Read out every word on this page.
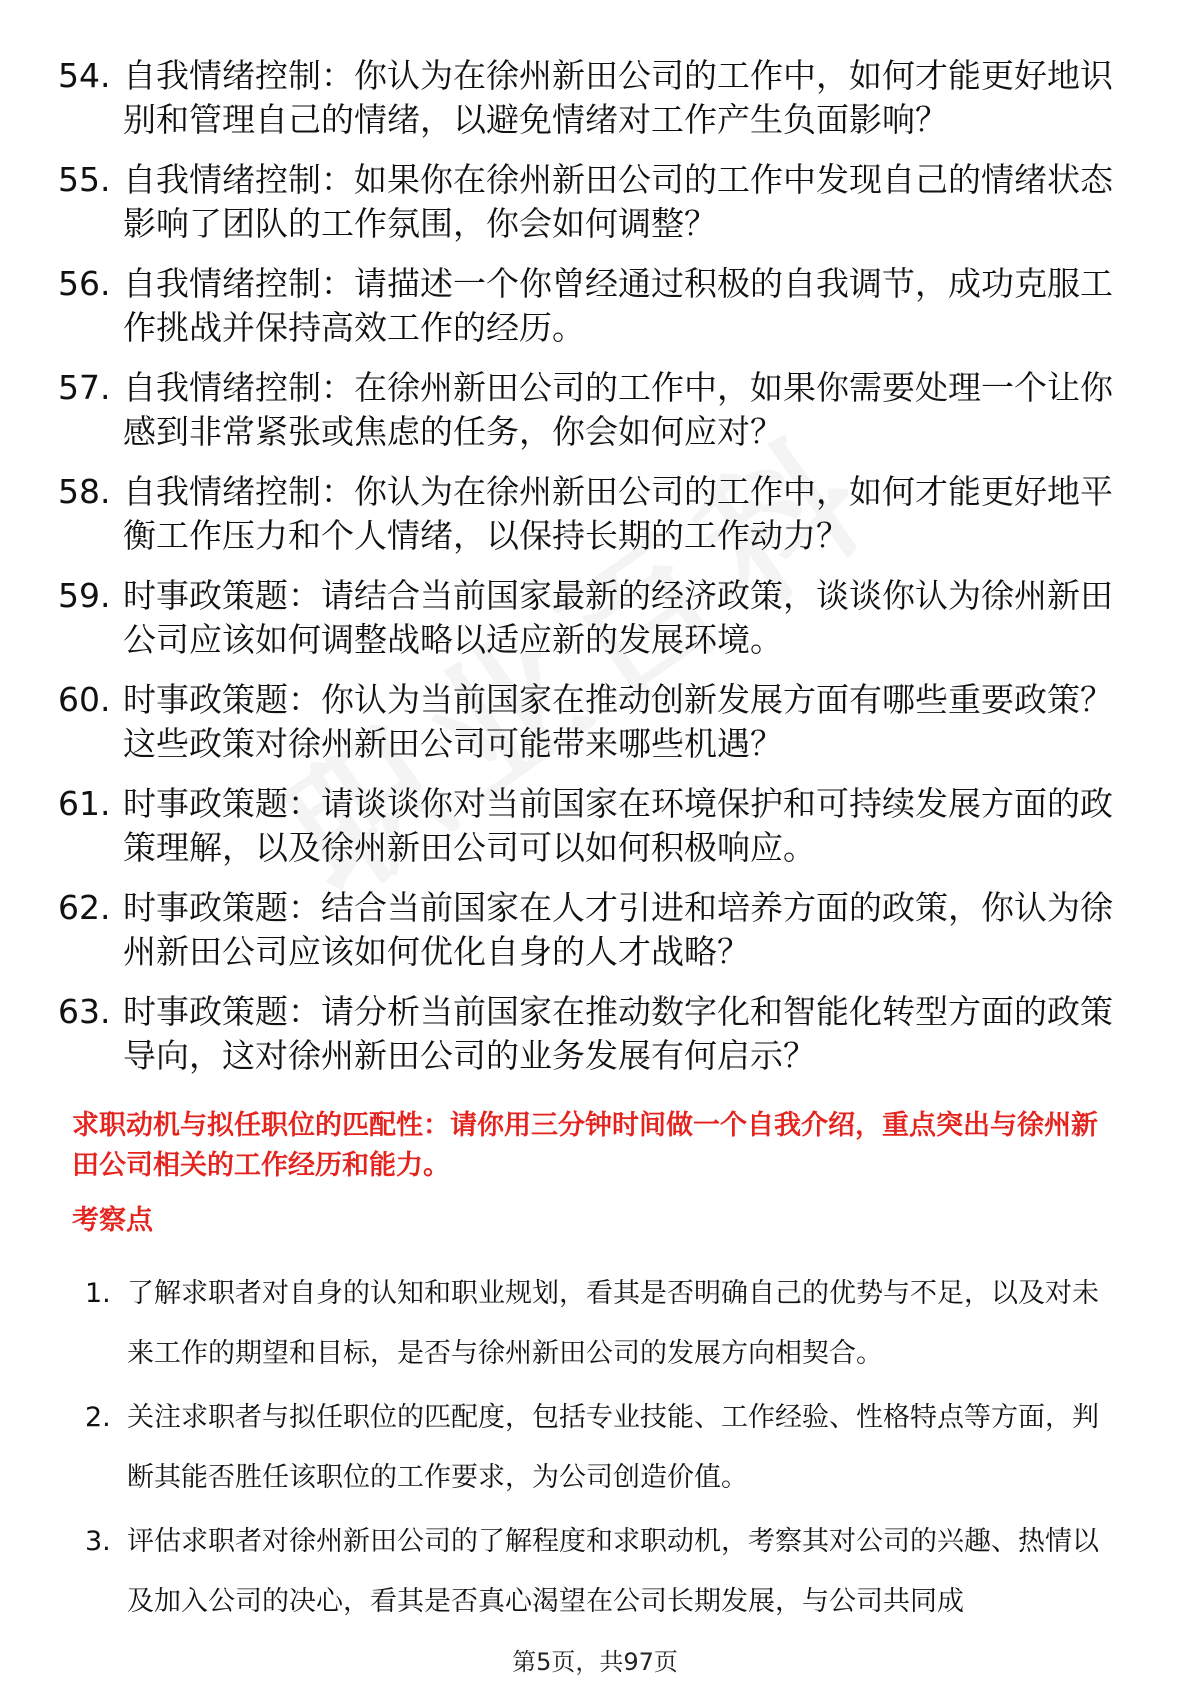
54. 自我情绪控制：你认为在徐州新田公司的工作中，如何才能更好地识别和管理自己的情绪，以避免情绪对工作产生负面影响？
55. 自我情绪控制：如果你在徐州新田公司的工作中发现自己的情绪状态影响了团队的工作氛围，你会如何调整？
56. 自我情绪控制：请描述一个你曾经通过积极的自我调节，成功克服工作挑战并保持高效工作的经历。
57. 自我情绪控制：在徐州新田公司的工作中，如果你需要处理一个让你感到非常紧张或焦虑的任务，你会如何应对？
58. 自我情绪控制：你认为在徐州新田公司的工作中，如何才能更好地平衡工作压力和个人情绪，以保持长期的工作动力？
59. 时事政策题：请结合当前国家最新的经济政策，谈谈你认为徐州新田公司应该如何调整战略以适应新的发展环境。
60. 时事政策题：你认为当前国家在推动创新发展方面有哪些重要政策？这些政策对徐州新田公司可能带来哪些机遇？
61. 时事政策题：请谈谈你对当前国家在环境保护和可持续发展方面的政策理解，以及徐州新田公司可以如何积极响应。
62. 时事政策题：结合当前国家在人才引进和培养方面的政策，你认为徐州新田公司应该如何优化自身的人才战略？
63. 时事政策题：请分析当前国家在推动数字化和智能化转型方面的政策导向，这对徐州新田公司的业务发展有何启示？
求职动机与拟任职位的匹配性：请你用三分钟时间做一个自我介绍，重点突出与徐州新田公司相关的工作经历和能力。
考察点
1. 了解求职者对自身的认知和职业规划，看其是否明确自己的优势与不足，以及对未来工作的期望和目标，是否与徐州新田公司的发展方向相契合。
2. 关注求职者与拟任职位的匹配度，包括专业技能、工作经验、性格特点等方面，判断其能否胜任该职位的工作要求，为公司创造价值。
3. 评估求职者对徐州新田公司的了解程度和求职动机，考察其对公司的兴趣、热情以及加入公司的决心，看其是否真心渴望在公司长期发展，与公司共同成
第5页，共97页
